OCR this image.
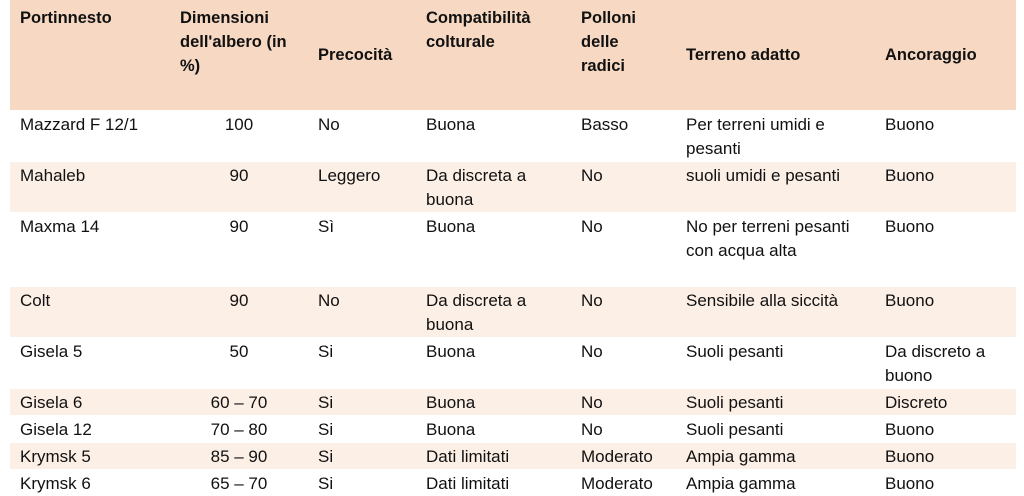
Portinnesto	Dimensioni dell'albero (in %)	Precocità	Compatibilità colturale	Polloni delle radici	Terreno adatto	Ancoraggio
Mazzard F 12/1	100	No	Buona	Basso	Per terreni umidi e pesanti	Buono
Mahaleb	90	Leggero	Da discreta a buona	No	suoli umidi e pesanti	Buono
Maxma 14	90	Sì	Buona	No	No per terreni pesanti con acqua alta	Buono
Colt	90	No	Da discreta a buona	No	Sensibile alla siccità	Buono
Gisela 5	50	Si	Buona	No	Suoli pesanti	Da discreto a buono
Gisela 6	60 – 70	Si	Buona	No	Suoli pesanti	Discreto
Gisela 12	70 – 80	Si	Buona	No	Suoli pesanti	Buono
Krymsk 5	85 – 90	Si	Dati limitati	Moderato	Ampia gamma	Buono
Krymsk 6	65 – 70	Si	Dati limitati	Moderato	Ampia gamma	Buono
